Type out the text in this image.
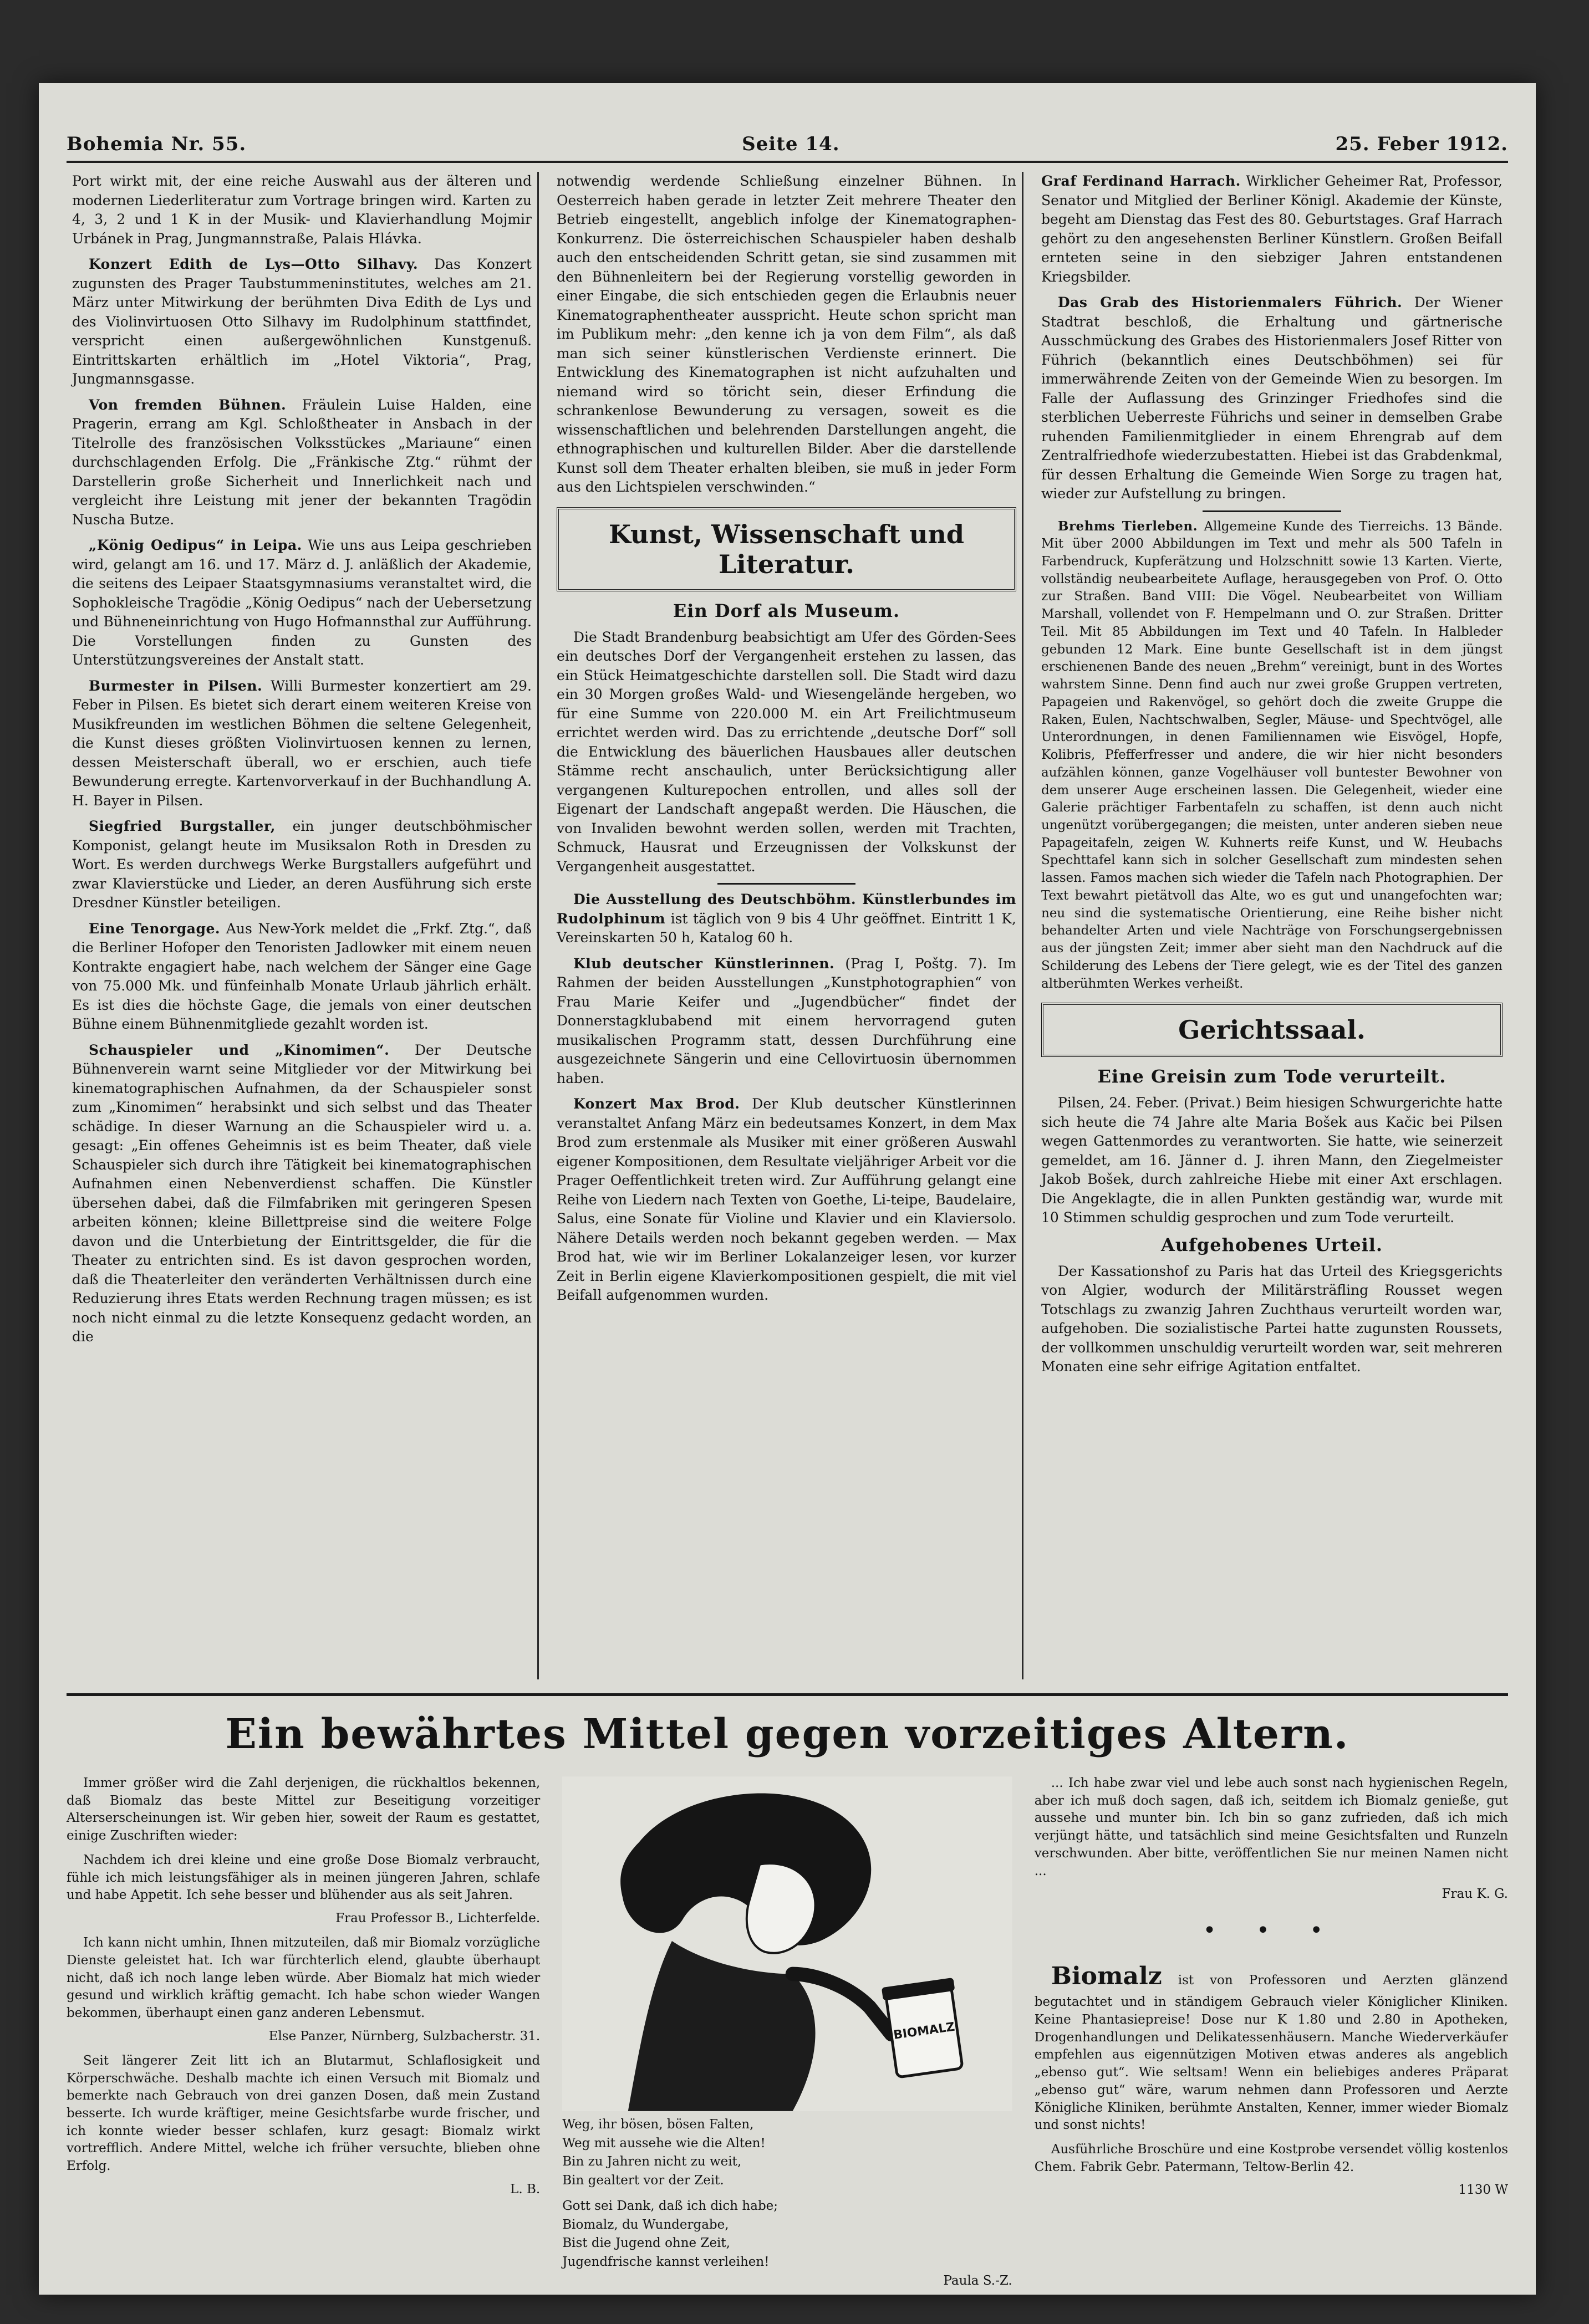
Bohemia Nr. 55.	Seite 14.	25. Feber 1912.

Port wirkt mit, der eine reiche Auswahl aus der älteren und modernen Liederliteratur zum Vortrage bringen wird. Karten zu 4, 3, 2 und 1 K in der Musik- und Klavierhandlung Mojmir Urbánek in Prag, Jungmannstraße, Palais Hlávka.

Konzert Edith de Lys—Otto Silhavy. Das Konzert zugunsten des Prager Taubstummeninstitutes, welches am 21. März unter Mitwirkung der berühmten Diva Edith de Lys und des Violinvirtuosen Otto Silhavy im Rudolphinum stattfindet, verspricht einen außergewöhnlichen Kunstgenuß. Eintrittskarten erhältlich im „Hotel Viktoria“, Prag, Jungmannsgasse.

Von fremden Bühnen. Fräulein Luise Halden, eine Pragerin, errang am Kgl. Schloßtheater in Ansbach in der Titelrolle des französischen Volksstückes „Mariaune“ einen durchschlagenden Erfolg. Die „Fränkische Ztg.“ rühmt der Darstellerin große Sicherheit und Innerlichkeit nach und vergleicht ihre Leistung mit jener der bekannten Tragödin Nuscha Butze.

„König Oedipus“ in Leipa. Wie uns aus Leipa geschrieben wird, gelangt am 16. und 17. März d. J. anläßlich der Akademie, die seitens des Leipaer Staatsgymnasiums veranstaltet wird, die Sophokleische Tragödie „König Oedipus“ nach der Uebersetzung und Bühneneinrichtung von Hugo Hofmannsthal zur Aufführung. Die Vorstellungen finden zu Gunsten des Unterstützungsvereines der Anstalt statt.

Burmester in Pilsen. Willi Burmester konzertiert am 29. Feber in Pilsen. Es bietet sich derart einem weiteren Kreise von Musikfreunden im westlichen Böhmen die seltene Gelegenheit, die Kunst dieses größten Violinvirtuosen kennen zu lernen, dessen Meisterschaft überall, wo er erschien, auch tiefe Bewunderung erregte. Kartenvorverkauf in der Buchhandlung A. H. Bayer in Pilsen.

Siegfried Burgstaller, ein junger deutschböhmischer Komponist, gelangt heute im Musiksalon Roth in Dresden zu Wort. Es werden durchwegs Werke Burgstallers aufgeführt und zwar Klavierstücke und Lieder, an deren Ausführung sich erste Dresdner Künstler beteiligen.

Eine Tenorgage. Aus New-York meldet die „Frkf. Ztg.“, daß die Berliner Hofoper den Tenoristen Jadlowker mit einem neuen Kontrakte engagiert habe, nach welchem der Sänger eine Gage von 75.000 Mk. und fünfeinhalb Monate Urlaub jährlich erhält. Es ist dies die höchste Gage, die jemals von einer deutschen Bühne einem Bühnenmitgliede gezahlt worden ist.

Schauspieler und „Kinomimen“. Der Deutsche Bühnenverein warnt seine Mitglieder vor der Mitwirkung bei kinematographischen Aufnahmen, da der Schauspieler sonst zum „Kinomimen“ herabsinkt und sich selbst und das Theater schädige. In dieser Warnung an die Schauspieler wird u. a. gesagt: „Ein offenes Geheimnis ist es beim Theater, daß viele Schauspieler sich durch ihre Tätigkeit bei kinematographischen Aufnahmen einen Nebenverdienst schaffen. Die Künstler übersehen dabei, daß die Filmfabriken mit geringeren Spesen arbeiten können; kleine Billettpreise sind die weitere Folge davon und die Unterbietung der Eintrittsgelder, die für die Theater zu entrichten sind. Es ist davon gesprochen worden, daß die Theaterleiter den veränderten Verhältnissen durch eine Reduzierung ihres Etats werden Rechnung tragen müssen; es ist noch nicht einmal zu die letzte Konsequenz gedacht worden, an die

notwendig werdende Schließung einzelner Bühnen. In Oesterreich haben gerade in letzter Zeit mehrere Theater den Betrieb eingestellt, angeblich infolge der Kinematographen-Konkurrenz. Die österreichischen Schauspieler haben deshalb auch den entscheidenden Schritt getan, sie sind zusammen mit den Bühnenleitern bei der Regierung vorstellig geworden in einer Eingabe, die sich entschieden gegen die Erlaubnis neuer Kinematographentheater ausspricht. Heute schon spricht man im Publikum mehr: „den kenne ich ja von dem Film“, als daß man sich seiner künstlerischen Verdienste erinnert. Die Entwicklung des Kinematographen ist nicht aufzuhalten und niemand wird so töricht sein, dieser Erfindung die schrankenlose Bewunderung zu versagen, soweit es die wissenschaftlichen und belehrenden Darstellungen angeht, die ethnographischen und kulturellen Bilder. Aber die darstellende Kunst soll dem Theater erhalten bleiben, sie muß in jeder Form aus den Lichtspielen verschwinden.“

Kunst, Wissenschaft und Literatur.
Ein Dorf als Museum.

Die Stadt Brandenburg beabsichtigt am Ufer des Görden-Sees ein deutsches Dorf der Vergangenheit erstehen zu lassen, das ein Stück Heimatgeschichte darstellen soll. Die Stadt wird dazu ein 30 Morgen großes Wald- und Wiesengelände hergeben, wo für eine Summe von 220.000 M. ein Art Freilichtmuseum errichtet werden wird. Das zu errichtende „deutsche Dorf“ soll die Entwicklung des bäuerlichen Hausbaues aller deutschen Stämme recht anschaulich, unter Berücksichtigung aller vergangenen Kulturepochen entrollen, und alles soll der Eigenart der Landschaft angepaßt werden. Die Häuschen, die von Invaliden bewohnt werden sollen, werden mit Trachten, Schmuck, Hausrat und Erzeugnissen der Volkskunst der Vergangenheit ausgestattet.

Die Ausstellung des Deutschböhm. Künstlerbundes im Rudolphinum ist täglich von 9 bis 4 Uhr geöffnet. Eintritt 1 K, Vereinskarten 50 h, Katalog 60 h.

Klub deutscher Künstlerinnen. (Prag I, Poštg. 7). Im Rahmen der beiden Ausstellungen „Kunstphotographien“ von Frau Marie Keifer und „Jugendbücher“ findet der Donnerstagklubabend mit einem hervorragend guten musikalischen Programm statt, dessen Durchführung eine ausgezeichnete Sängerin und eine Cellovirtuosin übernommen haben.

Konzert Max Brod. Der Klub deutscher Künstlerinnen veranstaltet Anfang März ein bedeutsames Konzert, in dem Max Brod zum erstenmale als Musiker mit einer größeren Auswahl eigener Kompositionen, dem Resultate vieljähriger Arbeit vor die Prager Oeffentlichkeit treten wird. Zur Aufführung gelangt eine Reihe von Liedern nach Texten von Goethe, Li-teipe, Baudelaire, Salus, eine Sonate für Violine und Klavier und ein Klaviersolo. Nähere Details werden noch bekannt gegeben werden. — Max Brod hat, wie wir im Berliner Lokalanzeiger lesen, vor kurzer Zeit in Berlin eigene Klavierkompositionen gespielt, die mit viel Beifall aufgenommen wurden.

Graf Ferdinand Harrach. Wirklicher Geheimer Rat, Professor, Senator und Mitglied der Berliner Königl. Akademie der Künste, begeht am Dienstag das Fest des 80. Geburtstages. Graf Harrach gehört zu den angesehensten Berliner Künstlern. Großen Beifall ernteten seine in den siebziger Jahren entstandenen Kriegsbilder.

Das Grab des Historienmalers Führich. Der Wiener Stadtrat beschloß, die Erhaltung und gärtnerische Ausschmückung des Grabes des Historienmalers Josef Ritter von Führich (bekanntlich eines Deutschböhmen) sei für immerwährende Zeiten von der Gemeinde Wien zu besorgen. Im Falle der Auflassung des Grinzinger Friedhofes sind die sterblichen Ueberreste Führichs und seiner in demselben Grabe ruhenden Familienmitglieder in einem Ehrengrab auf dem Zentralfriedhofe wiederzubestatten. Hiebei ist das Grabdenkmal, für dessen Erhaltung die Gemeinde Wien Sorge zu tragen hat, wieder zur Aufstellung zu bringen.

Brehms Tierleben. Allgemeine Kunde des Tierreichs. 13 Bände. Mit über 2000 Abbildungen im Text und mehr als 500 Tafeln in Farbendruck, Kupferätzung und Holzschnitt sowie 13 Karten. Vierte, vollständig neubearbeitete Auflage, herausgegeben von Prof. O. Otto zur Straßen. Band VIII: Die Vögel. Neubearbeitet von William Marshall, vollendet von F. Hempelmann und O. zur Straßen. Dritter Teil. Mit 85 Abbildungen im Text und 40 Tafeln. In Halbleder gebunden 12 Mark. Eine bunte Gesellschaft ist in dem jüngst erschienenen Bande des neuen „Brehm“ vereinigt, bunt in des Wortes wahrstem Sinne. Denn find auch nur zwei große Gruppen vertreten, Papageien und Rakenvögel, so gehört doch die zweite Gruppe die Raken, Eulen, Nachtschwalben, Segler, Mäuse- und Spechtvögel, alle Unterordnungen, in denen Familiennamen wie Eisvögel, Hopfe, Kolibris, Pfefferfresser und andere, die wir hier nicht besonders aufzählen können, ganze Vogelhäuser voll buntester Bewohner von dem unserer Auge erscheinen lassen. Die Gelegenheit, wieder eine Galerie prächtiger Farbentafeln zu schaffen, ist denn auch nicht ungenützt vorübergegangen; die meisten, unter anderen sieben neue Papageitafeln, zeigen W. Kuhnerts reife Kunst, und W. Heubachs Spechttafel kann sich in solcher Gesellschaft zum mindesten sehen lassen. Famos machen sich wieder die Tafeln nach Photographien. Der Text bewahrt pietätvoll das Alte, wo es gut und unangefochten war; neu sind die systematische Orientierung, eine Reihe bisher nicht behandelter Arten und viele Nachträge von Forschungsergebnissen aus der jüngsten Zeit; immer aber sieht man den Nachdruck auf die Schilderung des Lebens der Tiere gelegt, wie es der Titel des ganzen altberühmten Werkes verheißt.

Gerichtssaal.
Eine Greisin zum Tode verurteilt.

Pilsen, 24. Feber. (Privat.) Beim hiesigen Schwurgerichte hatte sich heute die 74 Jahre alte Maria Bošek aus Kačic bei Pilsen wegen Gattenmordes zu verantworten. Sie hatte, wie seinerzeit gemeldet, am 16. Jänner d. J. ihren Mann, den Ziegelmeister Jakob Bošek, durch zahlreiche Hiebe mit einer Axt erschlagen. Die Angeklagte, die in allen Punkten geständig war, wurde mit 10 Stimmen schuldig gesprochen und zum Tode verurteilt.

Aufgehobenes Urteil.

Der Kassationshof zu Paris hat das Urteil des Kriegsgerichts von Algier, wodurch der Militärsträfling Rousset wegen Totschlags zu zwanzig Jahren Zuchthaus verurteilt worden war, aufgehoben. Die sozialistische Partei hatte zugunsten Roussets, der vollkommen unschuldig verurteilt worden war, seit mehreren Monaten eine sehr eifrige Agitation entfaltet.

Ein bewährtes Mittel gegen vorzeitiges Altern.

Immer größer wird die Zahl derjenigen, die rückhaltlos bekennen, daß Biomalz das beste Mittel zur Beseitigung vorzeitiger Alterserscheinungen ist. Wir geben hier, soweit der Raum es gestattet, einige Zuschriften wieder:

Nachdem ich drei kleine und eine große Dose Biomalz verbraucht, fühle ich mich leistungsfähiger als in meinen jüngeren Jahren, schlafe und habe Appetit. Ich sehe besser und blühender aus als seit Jahren.

Frau Professor B., Lichterfelde.

Ich kann nicht umhin, Ihnen mitzuteilen, daß mir Biomalz vorzügliche Dienste geleistet hat. Ich war fürchterlich elend, glaubte überhaupt nicht, daß ich noch lange leben würde. Aber Biomalz hat mich wieder gesund und wirklich kräftig gemacht. Ich habe schon wieder Wangen bekommen, überhaupt einen ganz anderen Lebensmut.

Else Panzer, Nürnberg, Sulzbacherstr. 31.

Seit längerer Zeit litt ich an Blutarmut, Schlaflosigkeit und Körperschwäche. Deshalb machte ich einen Versuch mit Biomalz und bemerkte nach Gebrauch von drei ganzen Dosen, daß mein Zustand besserte. Ich wurde kräftiger, meine Gesichtsfarbe wurde frischer, und ich konnte wieder besser schlafen, kurz gesagt: Biomalz wirkt vortrefflich. Andere Mittel, welche ich früher versuchte, blieben ohne Erfolg.

L. B.
BIOMALZ

Weg, ihr bösen, bösen Falten,

Weg mit aussehe wie die Alten!

Bin zu Jahren nicht zu weit,

Bin gealtert vor der Zeit.

Gott sei Dank, daß ich dich habe;

Biomalz, du Wundergabe,

Bist die Jugend ohne Zeit,

Jugendfrische kannst verleihen!

Paula S.-Z.

... Ich habe zwar viel und lebe auch sonst nach hygienischen Regeln, aber ich muß doch sagen, daß ich, seitdem ich Biomalz genieße, gut aussehe und munter bin. Ich bin so ganz zufrieden, daß ich mich verjüngt hätte, und tatsächlich sind meine Gesichtsfalten und Runzeln verschwunden. Aber bitte, veröffentlichen Sie nur meinen Namen nicht ...

Frau K. G.
• • •

Biomalz ist von Professoren und Aerzten glänzend begutachtet und in ständigem Gebrauch vieler Königlicher Kliniken. Keine Phantasiepreise! Dose nur K 1.80 und 2.80 in Apotheken, Drogenhandlungen und Delikatessenhäusern. Manche Wiederverkäufer empfehlen aus eigennützigen Motiven etwas anderes als angeblich „ebenso gut“. Wie seltsam! Wenn ein beliebiges anderes Präparat „ebenso gut“ wäre, warum nehmen dann Professoren und Aerzte Königliche Kliniken, berühmte Anstalten, Kenner, immer wieder Biomalz und sonst nichts!

Ausführliche Broschüre und eine Kostprobe versendet völlig kostenlos Chem. Fabrik Gebr. Patermann, Teltow-Berlin 42.

1130 W
